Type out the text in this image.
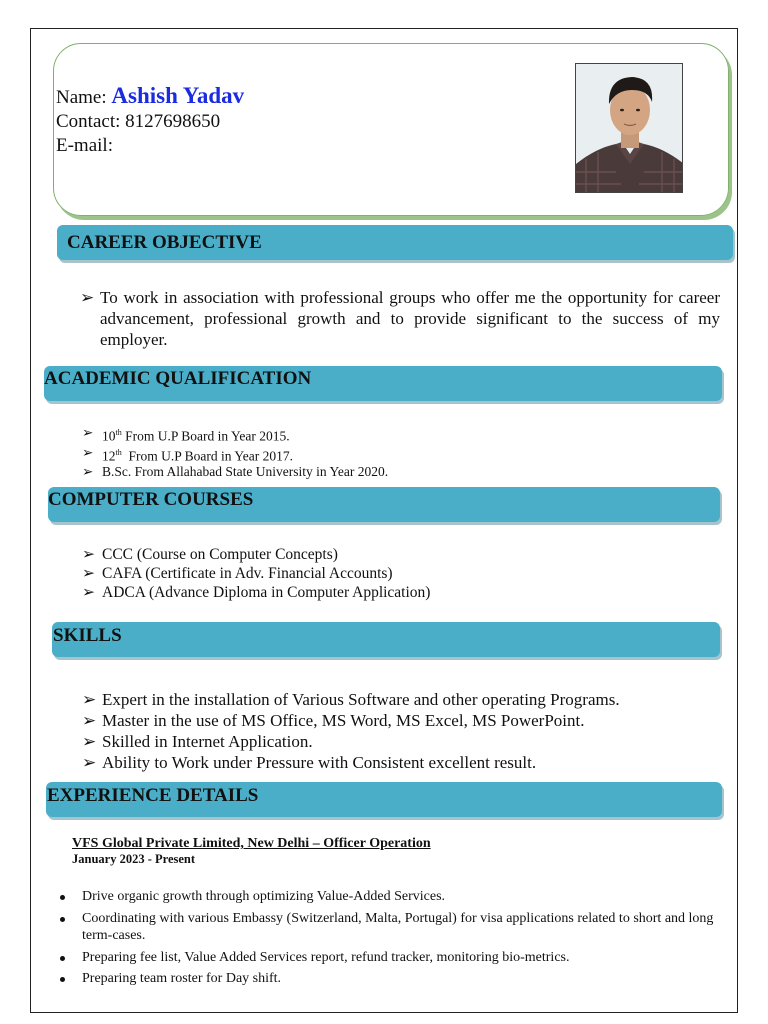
Name: Ashish Yadav
Contact: 8127698650
E-mail:
CAREER OBJECTIVE
➢ To work in association with professional groups who offer me the opportunity for career advancement, professional growth and to provide significant to the success of my employer.
ACADEMIC QUALIFICATION
➢ 10th From U.P Board in Year 2015.
➢ 12th From U.P Board in Year 2017.
➢ B.Sc. From Allahabad State University in Year 2020.
COMPUTER COURSES
➢ CCC (Course on Computer Concepts)
➢ CAFA (Certificate in Adv. Financial Accounts)
➢ ADCA (Advance Diploma in Computer Application)
SKILLS
➢ Expert in the installation of Various Software and other operating Programs.
➢ Master in the use of MS Office, MS Word, MS Excel, MS PowerPoint.
➢ Skilled in Internet Application.
➢ Ability to Work under Pressure with Consistent excellent result.
EXPERIENCE DETAILS
VFS Global Private Limited, New Delhi – Officer Operation
January 2023 - Present
Drive organic growth through optimizing Value-Added Services.
Coordinating with various Embassy (Switzerland, Malta, Portugal) for visa applications related to short and long term-cases.
Preparing fee list, Value Added Services report, refund tracker, monitoring bio-metrics.
Preparing team roster for Day shift.
